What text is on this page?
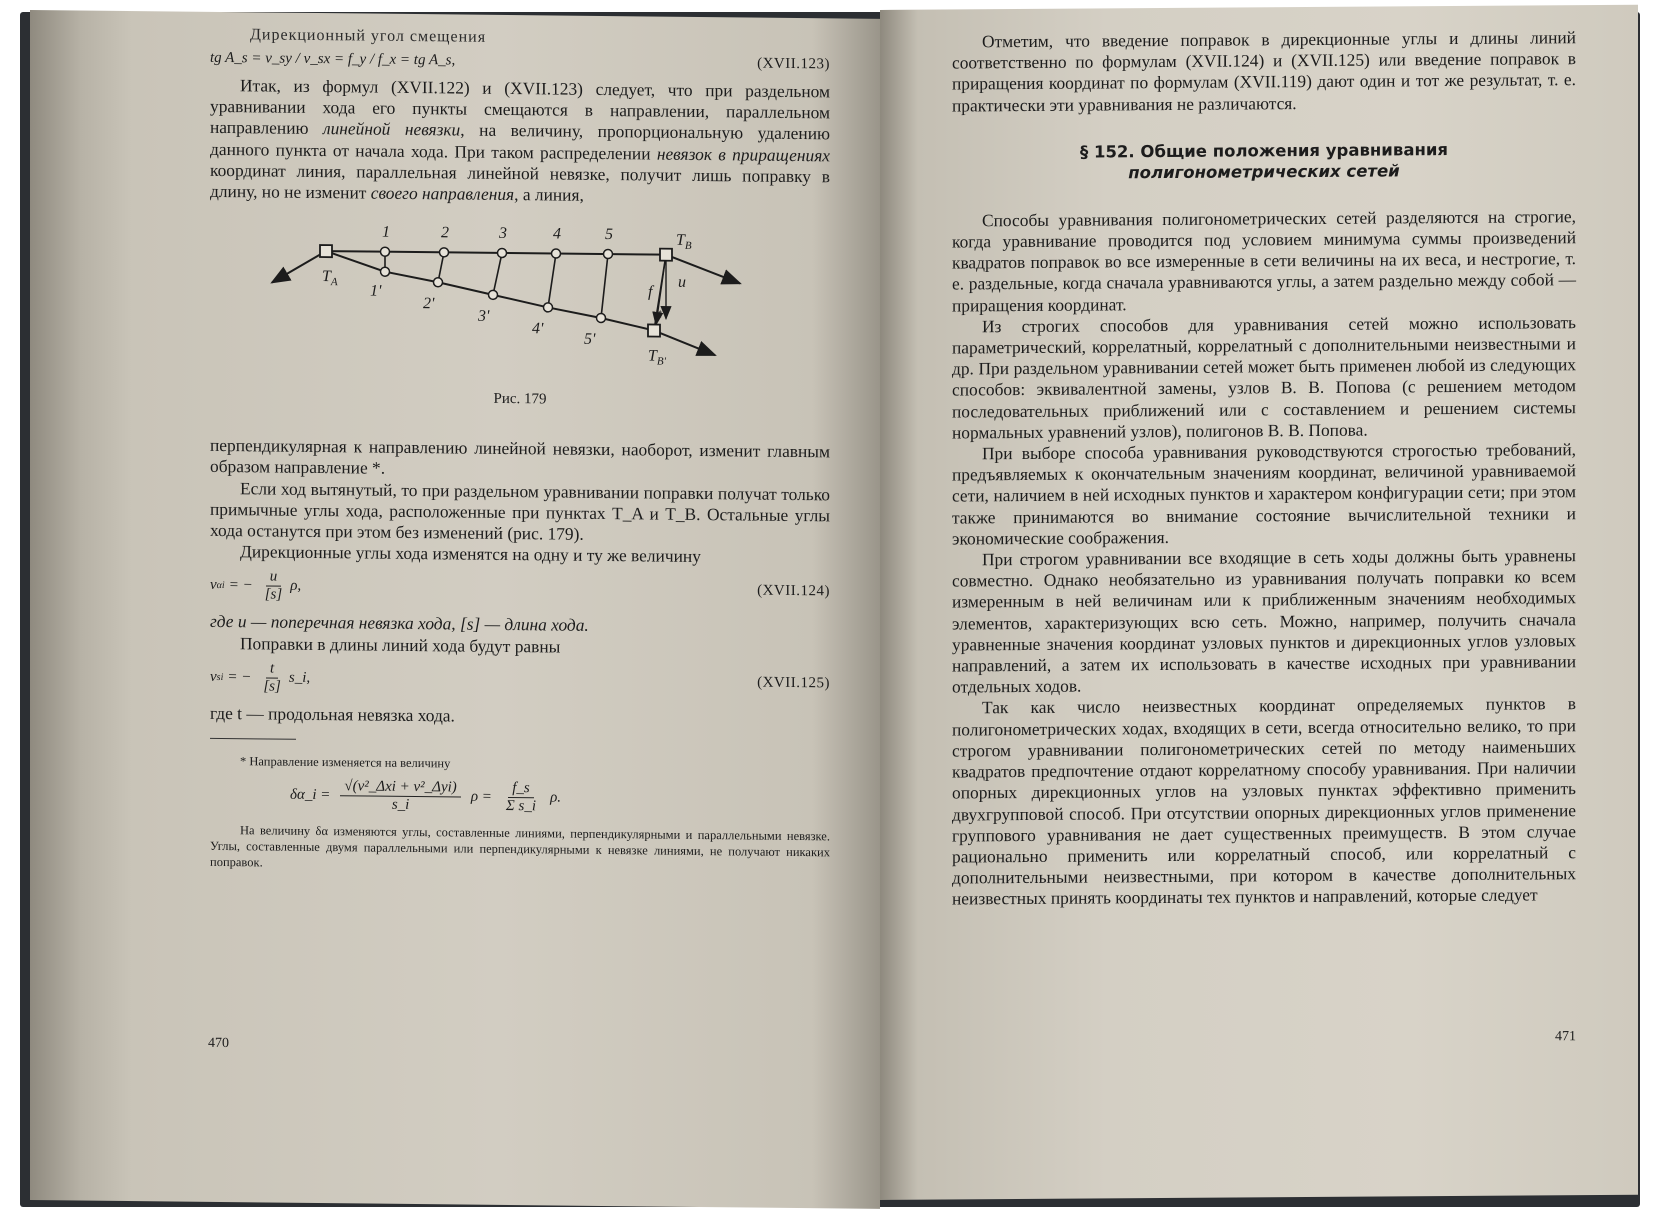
Дирекционный угол смещения
tg A_s = v_sy / v_sx = f_y / f_x = tg A_s,	(XVII.123)

Итак, из формул (XVII.122) и (XVII.123) следует, что при раздельном уравнивании хода его пункты смещаются в направлении, параллельном направлению линейной невязки, на величину, пропорциональную удалению данного пункта от начала хода. При таком распределении невязок в приращениях координат линия, параллельная линейной невязке, получит лишь поправку в длину, но не изменит своего направления, а линия,

1	2	3	4	5
1'
2'
3'
4'
5'
$T_A$
$T_B$
$T_{B'}$
f
u
t

Рис. 179

перпендикулярная к направлению линейной невязки, наоборот, изменит главным образом направление *.

Если ход вытянутый, то при раздельном уравнивании поправки получат только примычные углы хода, расположенные при пунктах T_A и T_B. Остальные углы хода останутся при этом без изменений (рис. 179).

Дирекционные углы хода изменятся на одну и ту же величину

v αi = − $\frac{u}{[s]} \rho$,	(XVII.124)

где u — поперечная невязка хода, [s] — длина хода.

Поправки в длины линий хода будут равны

v si = − $\frac{t}{[s]}$ s_i,	(XVII.125)

где t — продольная невязка хода.

* Направление изменяется на величину

δα_i = $\frac{\text{√(v²\_Δxi + v²\_Δyi)}}{s\_i}$ $\rho = \frac{f\_s}{\text{Σ s\_i}} \rho$.

На величину δα изменяются углы, составленные линиями, перпендикулярными и параллельными невязке. Углы, составленные двумя параллельными или перпендикулярными к невязке линиями, не получают никаких поправок.

470

Отметим, что введение поправок в дирекционные углы и длины линий соответственно по формулам (XVII.124) и (XVII.125) или введение поправок в приращения координат по формулам (XVII.119) дают один и тот же результат, т. е. практически эти уравнивания не различаются.

§ 152. Общие положения уравнивания
полигонометрических сетей

Способы уравнивания полигонометрических сетей разделяются на строгие, когда уравнивание проводится под условием минимума суммы произведений квадратов поправок во все измеренные в сети величины на их веса, и нестрогие, т. е. раздельные, когда сначала уравниваются углы, а затем раздельно между собой — приращения координат.

Из строгих способов для уравнивания сетей можно использовать параметрический, коррелатный, коррелатный с дополнительными неизвестными и др. При раздельном уравнивании сетей может быть применен любой из следующих способов: эквивалентной замены, узлов В. В. Попова (с решением методом последовательных приближений или с составлением и решением системы нормальных уравнений узлов), полигонов В. В. Попова.

При выборе способа уравнивания руководствуются строгостью требований, предъявляемых к окончательным значениям координат, величиной уравниваемой сети, наличием в ней исходных пунктов и характером конфигурации сети; при этом также принимаются во внимание состояние вычислительной техники и экономические соображения.

При строгом уравнивании все входящие в сеть ходы должны быть уравнены совместно. Однако необязательно из уравнивания получать поправки ко всем измеренным в ней величинам или к приближенным значениям необходимых элементов, характеризующих всю сеть. Можно, например, получить сначала уравненные значения координат узловых пунктов и дирекционных углов узловых направлений, а затем их использовать в качестве исходных при уравнивании отдельных ходов.

Так как число неизвестных координат определяемых пунктов в полигонометрических ходах, входящих в сети, всегда относительно велико, то при строгом уравнивании полигонометрических сетей по методу наименьших квадратов предпочтение отдают коррелатному способу уравнивания. При наличии опорных дирекционных углов на узловых пунктах эффективно применить двухгрупповой способ. При отсутствии опорных дирекционных углов применение группового уравнивания не дает существенных преимуществ. В этом случае рационально применить или коррелатный способ, или коррелатный с дополнительными неизвестными, при котором в качестве дополнительных неизвестных принять координаты тех пунктов и направлений, которые следует

471
